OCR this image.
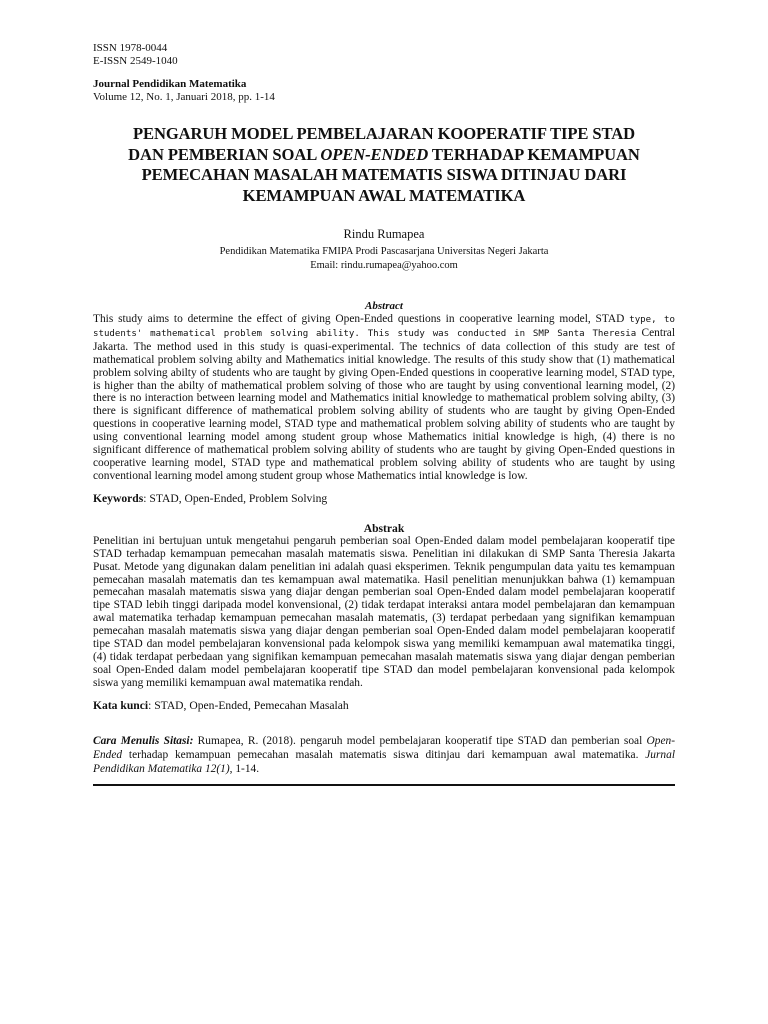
ISSN 1978-0044
E-ISSN 2549-1040
Journal Pendidikan Matematika
Volume 12, No. 1, Januari 2018, pp. 1-14
PENGARUH MODEL PEMBELAJARAN KOOPERATIF TIPE STAD
DAN PEMBERIAN SOAL OPEN-ENDED TERHADAP KEMAMPUAN
PEMECAHAN MASALAH MATEMATIS SISWA DITINJAU DARI
KEMAMPUAN AWAL MATEMATIKA
Rindu Rumapea
Pendidikan Matematika FMIPA Prodi Pascasarjana Universitas Negeri Jakarta
Email: rindu.rumapea@yahoo.com
Abstract

This study aims to determine the effect of giving Open-Ended questions in cooperative learning model, STAD type, to students' mathematical problem solving ability. This study was conducted in SMP Santa Theresia Central Jakarta. The method used in this study is quasi-experimental. The technics of data collection of this study are test of mathematical problem solving abilty and Mathematics initial knowledge. The results of this study show that (1) mathematical problem solving abilty of students who are taught by giving Open-Ended questions in cooperative learning model, STAD type, is higher than the abilty of mathematical problem solving of those who are taught by using conventional learning model, (2) there is no interaction between learning model and Mathematics initial knowledge to mathematical problem solving abilty, (3) there is significant difference of mathematical problem solving ability of students who are taught by giving Open-Ended questions in cooperative learning model, STAD type and mathematical problem solving ability of students who are taught by using conventional learning model among student group whose Mathematics initial knowledge is high, (4) there is no significant difference of mathematical problem solving ability of students who are taught by giving Open-Ended questions in cooperative learning model, STAD type and mathematical problem solving ability of students who are taught by using conventional learning model among student group whose Mathematics intial knowledge is low.

Keywords: STAD, Open-Ended, Problem Solving
Abstrak

Penelitian ini bertujuan untuk mengetahui pengaruh pemberian soal Open-Ended dalam model pembelajaran kooperatif tipe STAD terhadap kemampuan pemecahan masalah matematis siswa. Penelitian ini dilakukan di SMP Santa Theresia Jakarta Pusat. Metode yang digunakan dalam penelitian ini adalah quasi eksperimen. Teknik pengumpulan data yaitu tes kemampuan pemecahan masalah matematis dan tes kemampuan awal matematika. Hasil penelitian menunjukkan bahwa (1) kemampuan pemecahan masalah matematis siswa yang diajar dengan pemberian soal Open-Ended dalam model pembelajaran kooperatif tipe STAD lebih tinggi daripada model konvensional, (2) tidak terdapat interaksi antara model pembelajaran dan kemampuan awal matematika terhadap kemampuan pemecahan masalah matematis, (3) terdapat perbedaan yang signifikan kemampuan pemecahan masalah matematis siswa yang diajar dengan pemberian soal Open-Ended dalam model pembelajaran kooperatif tipe STAD dan model pembelajaran konvensional pada kelompok siswa yang memiliki kemampuan awal matematika tinggi, (4) tidak terdapat perbedaan yang signifikan kemampuan pemecahan masalah matematis siswa yang diajar dengan pemberian soal Open-Ended dalam model pembelajaran kooperatif tipe STAD dan model pembelajaran konvensional pada kelompok siswa yang memiliki kemampuan awal matematika rendah.

Kata kunci: STAD, Open-Ended, Pemecahan Masalah
Cara Menulis Sitasi: Rumapea, R. (2018). pengaruh model pembelajaran kooperatif tipe STAD dan pemberian soal Open-Ended terhadap kemampuan pemecahan masalah matematis siswa ditinjau dari kemampuan awal matematika. Jurnal Pendidikan Matematika 12(1), 1-14.
